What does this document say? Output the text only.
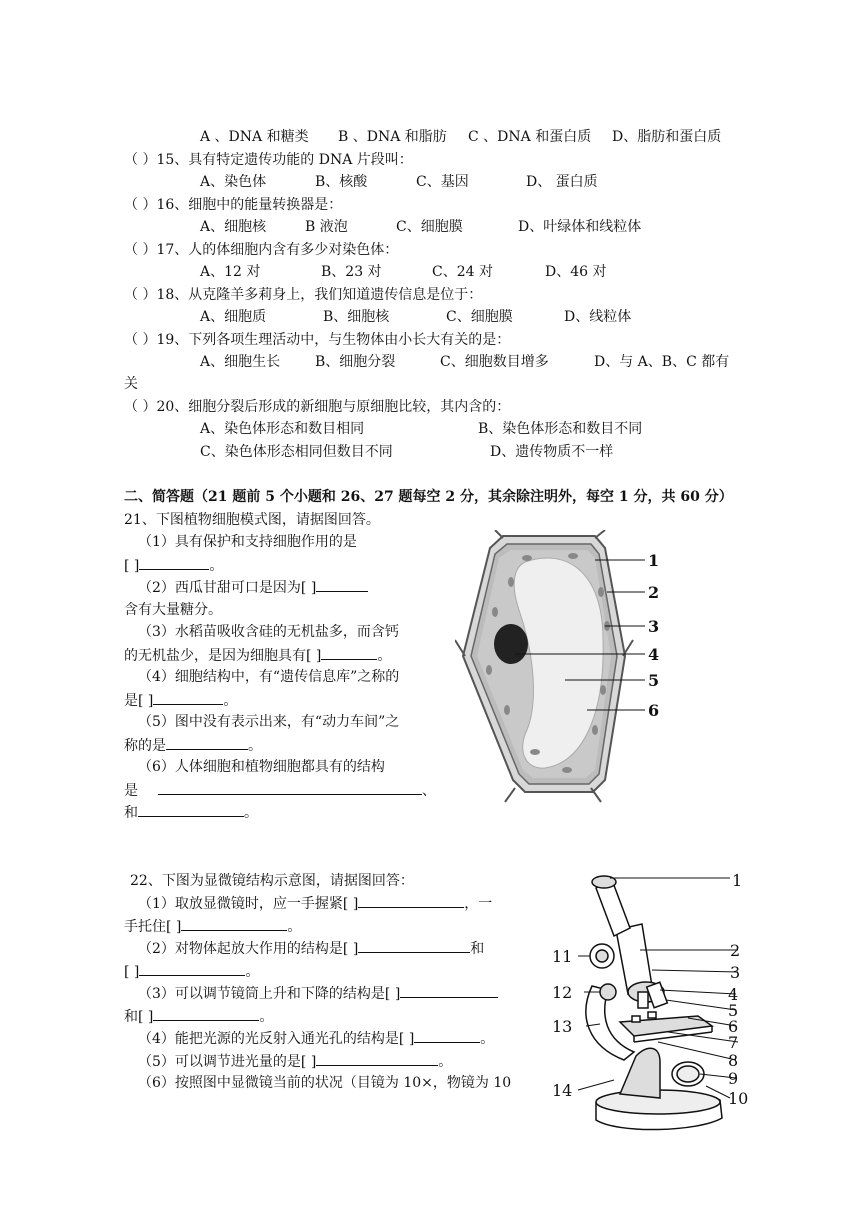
A 、DNA 和糖类 B 、DNA 和脂肪 C 、DNA 和蛋白质 D、脂肪和蛋白质
（ ）15、具有特定遗传功能的 DNA 片段叫：
A、染色体	B、核酸	C、基因	D、 蛋白质
（ ）16、细胞中的能量转换器是：
A、细胞核	B 液泡	C、细胞膜	D、叶绿体和线粒体
（ ）17、人的体细胞内含有多少对染色体：
A、12 对	B、23 对	C、24 对	D、46 对
（ ）18、从克隆羊多莉身上，我们知道遗传信息是位于：
A、细胞质	B、细胞核	C、细胞膜	D、线粒体
（ ）19、下列各项生理活动中，与生物体由小长大有关的是：
A、细胞生长 B、细胞分裂	C、细胞数目增多	D、与 A、B、C 都有
关
（ ）20、细胞分裂后形成的新细胞与原细胞比较，其内含的：
A、染色体形态和数目相同	B、染色体形态和数目不同
C、染色体形态相同但数目不同	D、遗传物质不一样
二、简答题（21 题前 5 个小题和 26、27 题每空 2 分，其余除注明外，每空 1 分，共 60 分）
21、下图植物细胞模式图，请据图回答。
（1）具有保护和支持细胞作用的是
[ ]	。
（2）西瓜甘甜可口是因为[ ]
含有大量糖分。
（3）水稻苗吸收含硅的无机盐多，而含钙
的无机盐少，是因为细胞具有[ ]	。
（4）细胞结构中，有“遗传信息库”之称的
是[ ]	。
（5）图中没有表示出来，有“动力车间”之
称的是	。
（6）人体细胞和植物细胞都具有的结构
是	、
和	。
1
2
3
4
5
6
22、下图为显微镜结构示意图，请据图回答：
（1）取放显微镜时，应一手握紧[ ]	，一
手托住[ ]	。
（2）对物体起放大作用的结构是[ ]	和
[ ]	。
（3）可以调节镜筒上升和下降的结构是[ ]
和[ ]	。
（4）能把光源的光反射入通光孔的结构是[ ]	。
（5）可以调节进光量的是[ ]	。
（6）按照图中显微镜当前的状况（目镜为 10×，物镜为 10
1
2
3
4
5
6
7
8
9
10
11
12
13
14
